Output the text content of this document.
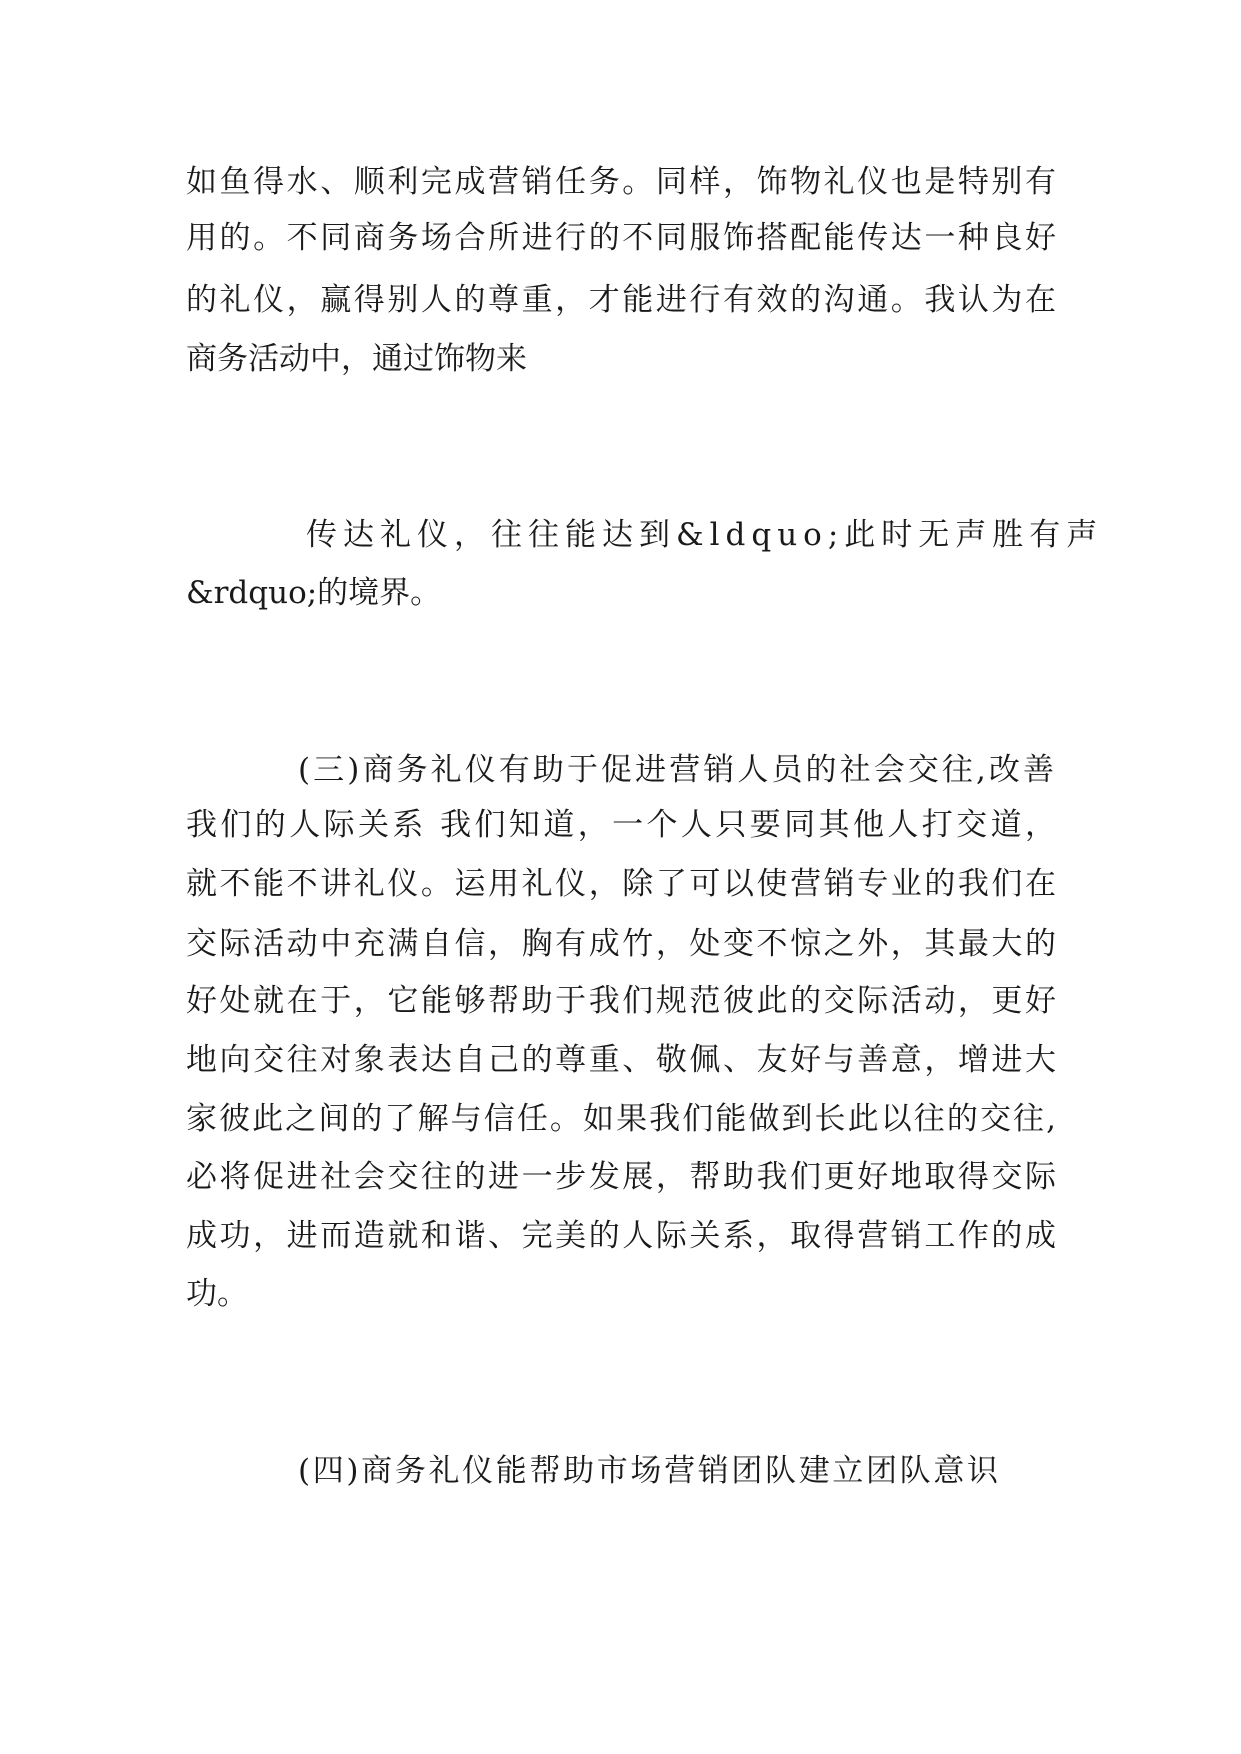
如鱼得水、顺利完成营销任务。同样，饰物礼仪也是特别有

用的。不同商务场合所进行的不同服饰搭配能传达一种良好

的礼仪，赢得别人的尊重，才能进行有效的沟通。我认为在

商务活动中，通过饰物来

传达礼仪，往往能达到&ldquo;此时无声胜有声

&rdquo;的境界。

(三)商务礼仪有助于促进营销人员的社会交往,改善

我们的人际关系 我们知道，一个人只要同其他人打交道，

就不能不讲礼仪。运用礼仪，除了可以使营销专业的我们在

交际活动中充满自信，胸有成竹，处变不惊之外，其最大的

好处就在于，它能够帮助于我们规范彼此的交际活动，更好

地向交往对象表达自己的尊重、敬佩、友好与善意，增进大

家彼此之间的了解与信任。如果我们能做到长此以往的交往,

必将促进社会交往的进一步发展，帮助我们更好地取得交际

成功，进而造就和谐、完美的人际关系，取得营销工作的成

功。

(四)商务礼仪能帮助市场营销团队建立团队意识
